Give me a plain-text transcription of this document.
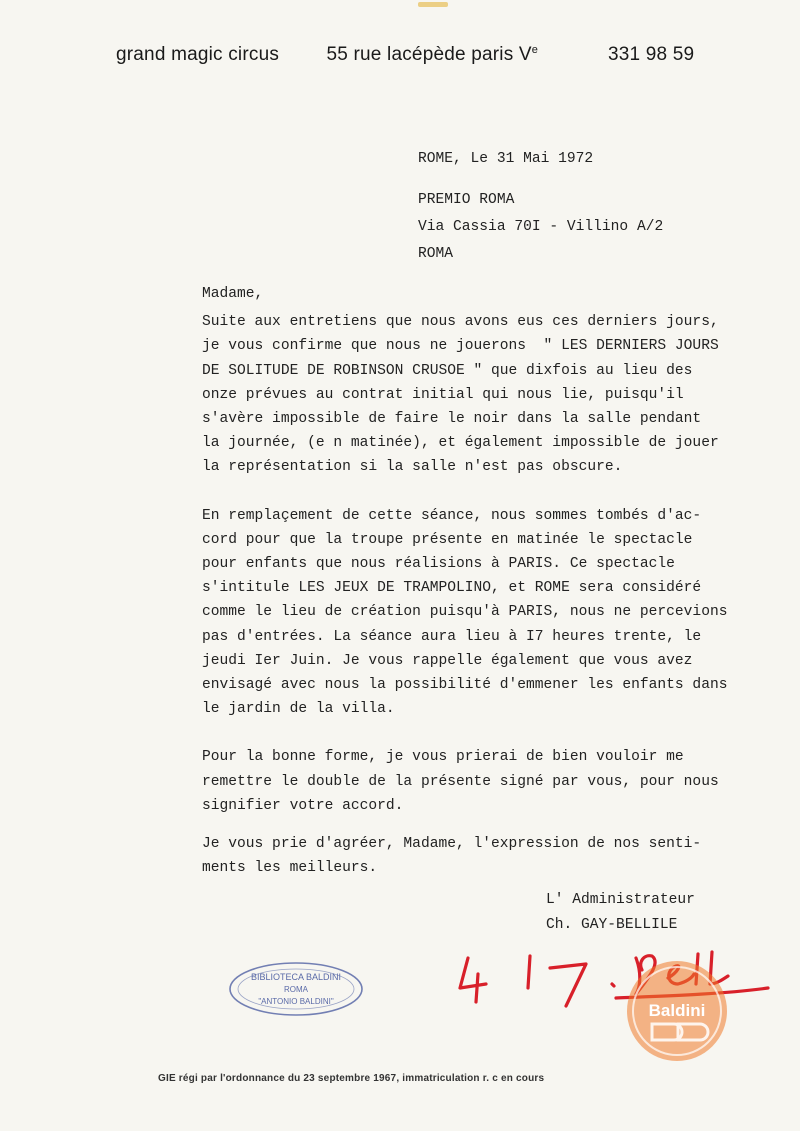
grand magic circus 55 rue lacépède paris Ve	331 98 59
ROME, Le 31 Mai 1972
PREMIO ROMA
Via Cassia 70I - Villino A/2
ROMA

Madame,

Suite aux entretiens que nous avons eus ces derniers jours,

je vous confirme que nous ne jouerons  " LES DERNIERS JOURS

DE SOLITUDE DE ROBINSON CRUSOE " que dixfois au lieu des

onze prévues au contrat initial qui nous lie, puisqu'il

s'avère impossible de faire le noir dans la salle pendant

la journée, (e n matinée), et également impossible de jouer

la représentation si la salle n'est pas obscure.

En remplaçement de cette séance, nous sommes tombés d'ac-

cord pour que la troupe présente en matinée le spectacle

pour enfants que nous réalisions à PARIS. Ce spectacle

s'intitule LES JEUX DE TRAMPOLINO, et ROME sera considéré

comme le lieu de création puisqu'à PARIS, nous ne percevions

pas d'entrées. La séance aura lieu à I7 heures trente, le

jeudi Ier Juin. Je vous rappelle également que vous avez

envisagé avec nous la possibilité d'emmener les enfants dans

le jardin de la villa.

Pour la bonne forme, je vous prierai de bien vouloir me

remettre le double de la présente signé par vous, pour nous

signifier votre accord.

Je vous prie d'agréer, Madame, l'expression de nos senti-

ments les meilleurs.

L' Administrateur
Ch. GAY-BELLILE
BIBLIOTECA BALDINI
ROMA
"ANTONIO BALDINI"	Baldini
GIE régi par l'ordonnance du 23 septembre 1967, immatriculation r. c en cours
